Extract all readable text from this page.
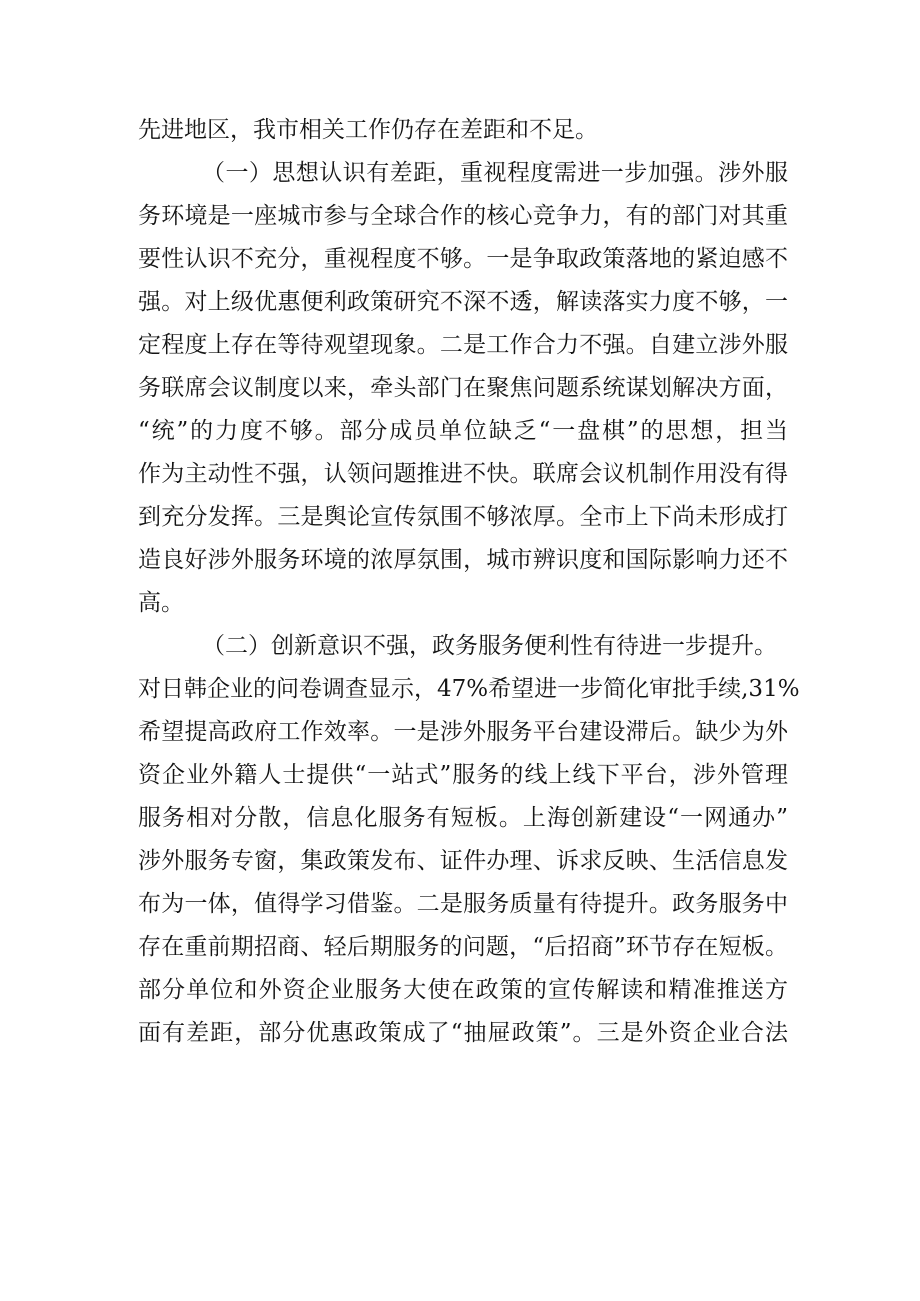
先进地区，我市相关工作仍存在差距和不足。
（一）思想认识有差距，重视程度需进一步加强。涉外服
务环境是一座城市参与全球合作的核心竞争力，有的部门对其重
要性认识不充分，重视程度不够。一是争取政策落地的紧迫感不
强。对上级优惠便利政策研究不深不透，解读落实力度不够，一
定程度上存在等待观望现象。二是工作合力不强。自建立涉外服
务联席会议制度以来，牵头部门在聚焦问题系统谋划解决方面，
“统”的力度不够。部分成员单位缺乏“一盘棋”的思想，担当
作为主动性不强，认领问题推进不快。联席会议机制作用没有得
到充分发挥。三是舆论宣传氛围不够浓厚。全市上下尚未形成打
造良好涉外服务环境的浓厚氛围，城市辨识度和国际影响力还不
高。
（二）创新意识不强，政务服务便利性有待进一步提升。
对日韩企业的问卷调查显示，47%希望进一步简化审批手续,31%
希望提高政府工作效率。一是涉外服务平台建设滞后。缺少为外
资企业外籍人士提供“一站式”服务的线上线下平台，涉外管理
服务相对分散，信息化服务有短板。上海创新建设“一网通办”
涉外服务专窗，集政策发布、证件办理、诉求反映、生活信息发
布为一体，值得学习借鉴。二是服务质量有待提升。政务服务中
存在重前期招商、轻后期服务的问题，“后招商”环节存在短板。
部分单位和外资企业服务大使在政策的宣传解读和精准推送方
面有差距，部分优惠政策成了“抽屉政策”。三是外资企业合法
